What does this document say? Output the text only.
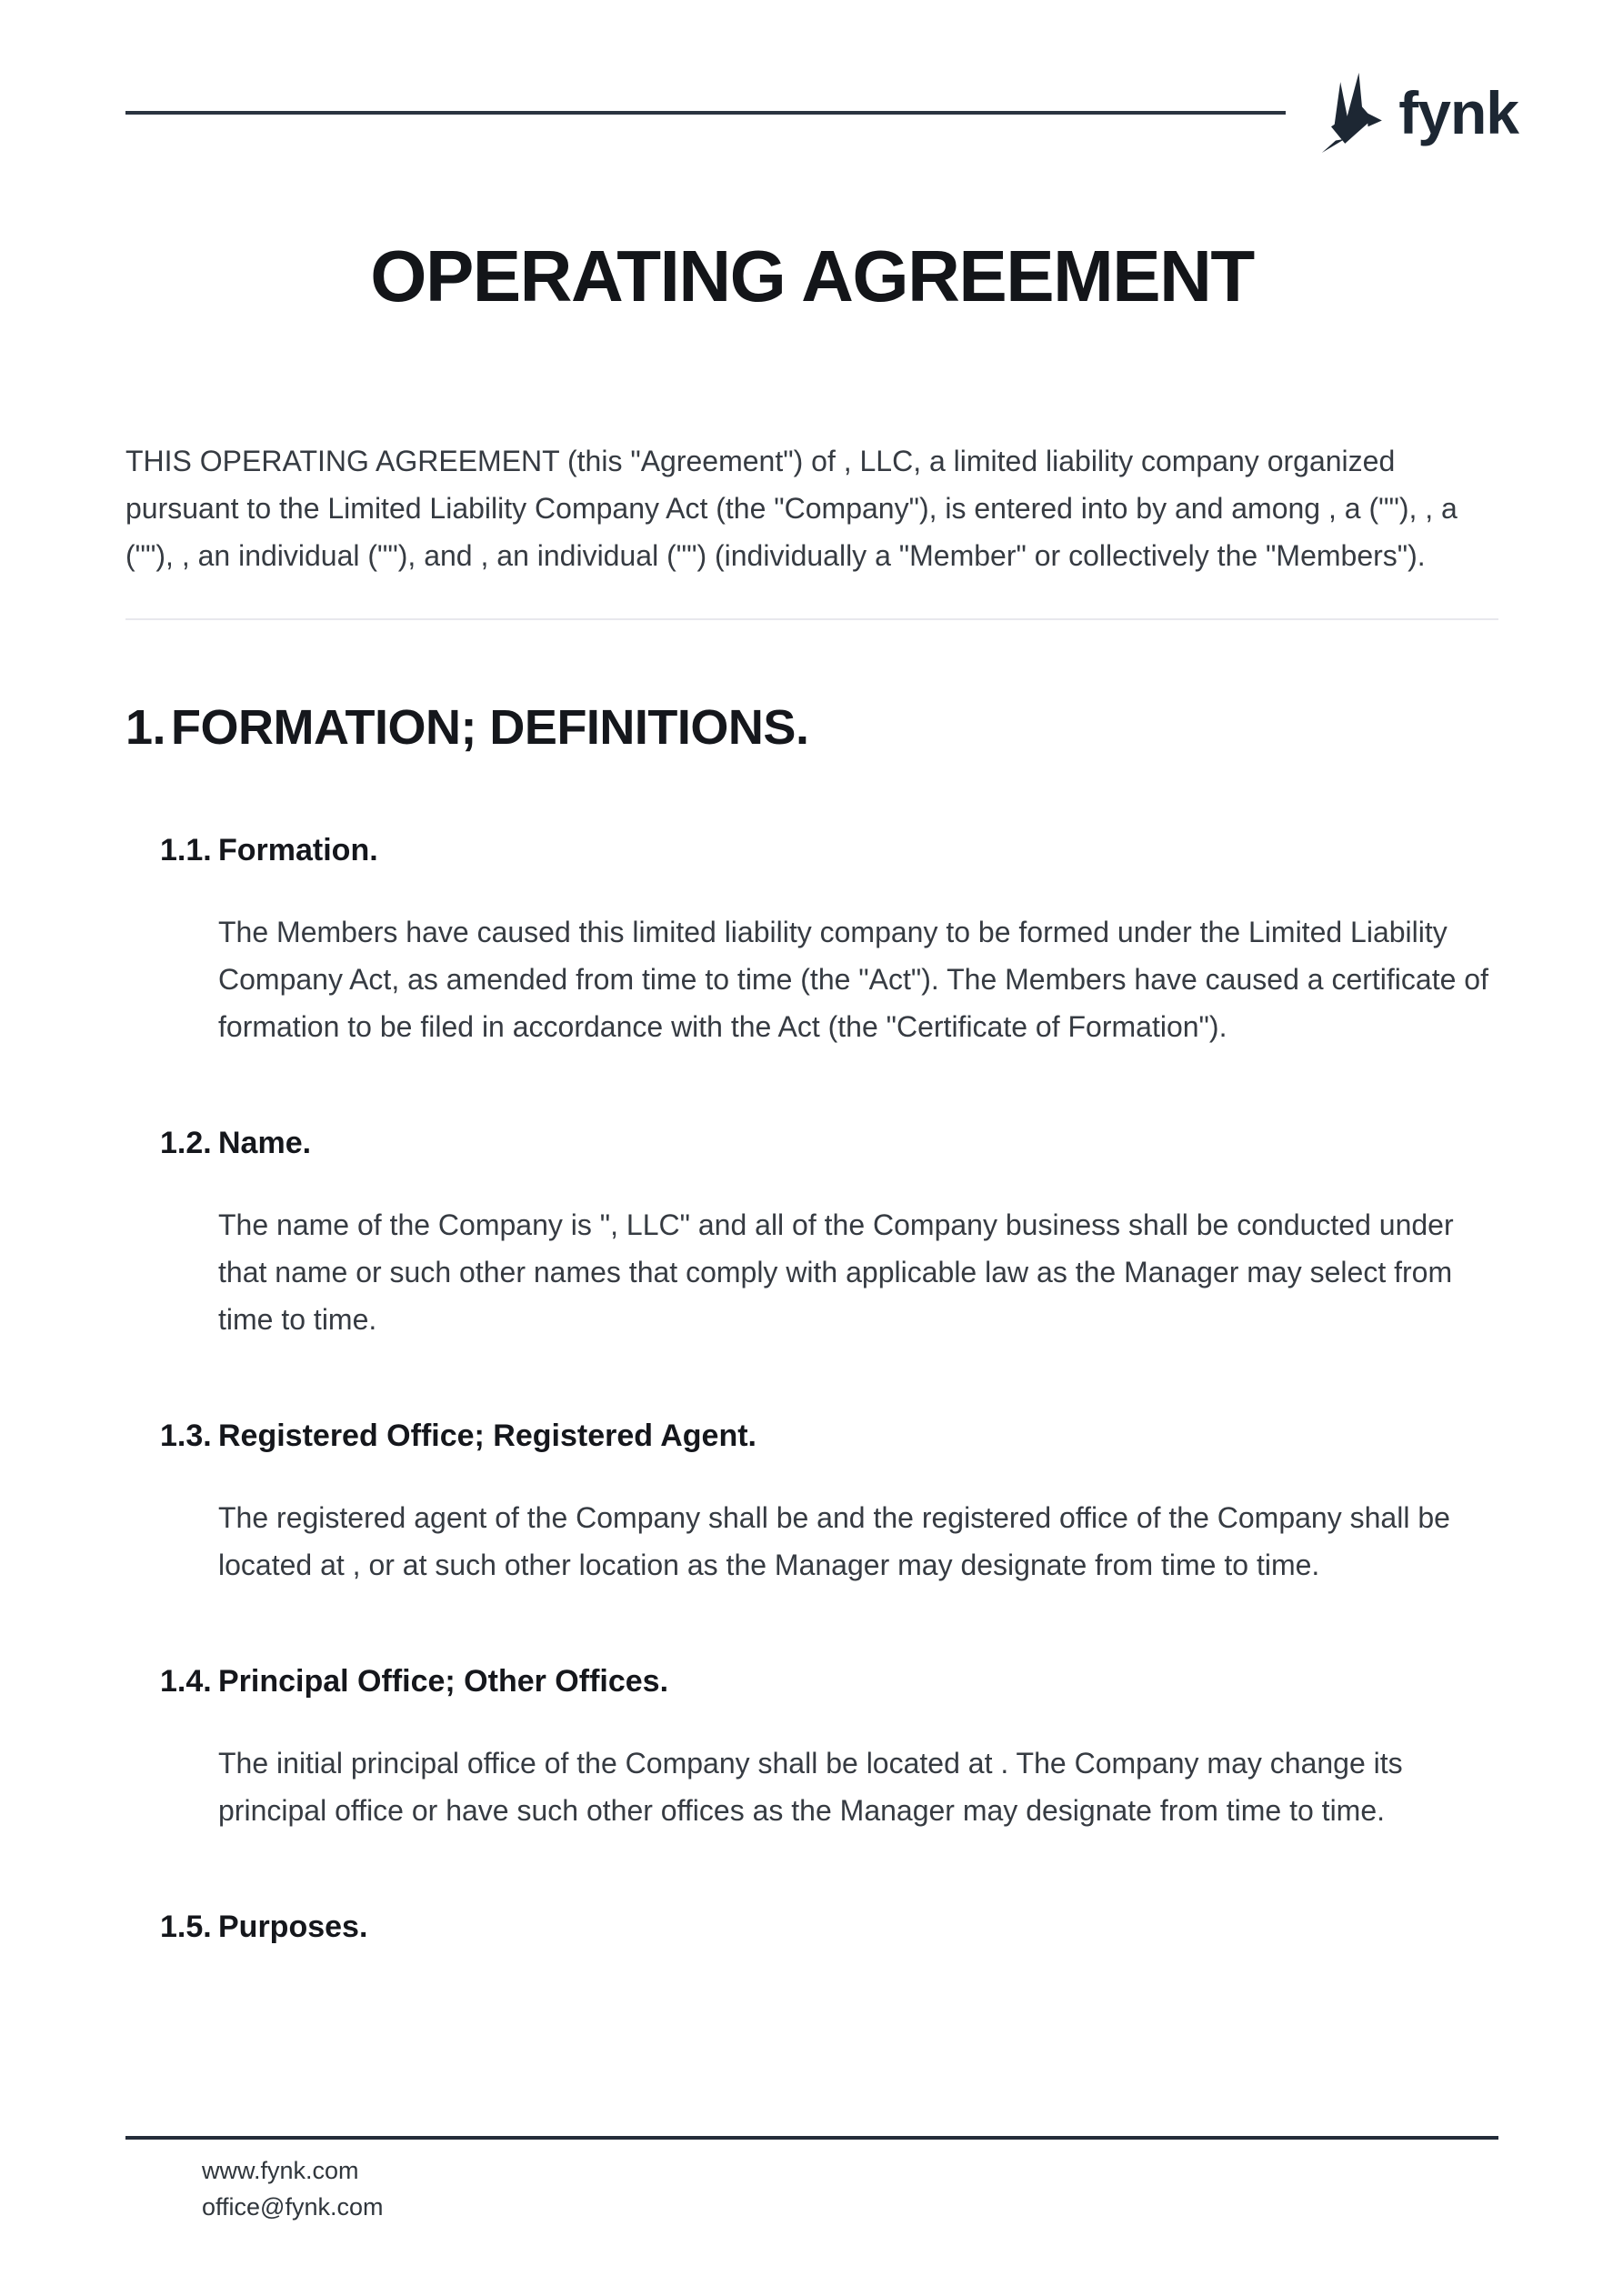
fynk
OPERATING AGREEMENT

THIS OPERATING AGREEMENT (this "Agreement") of , LLC, a limited liability company organized pursuant to the Limited Liability Company Act (the "Company"), is entered into by and among , a (""), , a (""), , an individual (""), and , an individual ("") (individually a "Member" or collectively the "Members").

1. FORMATION; DEFINITIONS.
1.1. Formation.

The Members have caused this limited liability company to be formed under the Limited Liability Company Act, as amended from time to time (the "Act"). The Members have caused a certificate of formation to be filed in accordance with the Act (the "Certificate of Formation").

1.2. Name.

The name of the Company is ", LLC" and all of the Company business shall be conducted under that name or such other names that comply with applicable law as the Manager may select from time to time.

1.3. Registered Office; Registered Agent.

The registered agent of the Company shall be and the registered office of the Company shall be located at , or at such other location as the Manager may designate from time to time.

1.4. Principal Office; Other Offices.

The initial principal office of the Company shall be located at . The Company may change its principal office or have such other offices as the Manager may designate from time to time.

1.5. Purposes.
www.fynk.com
office@fynk.com
